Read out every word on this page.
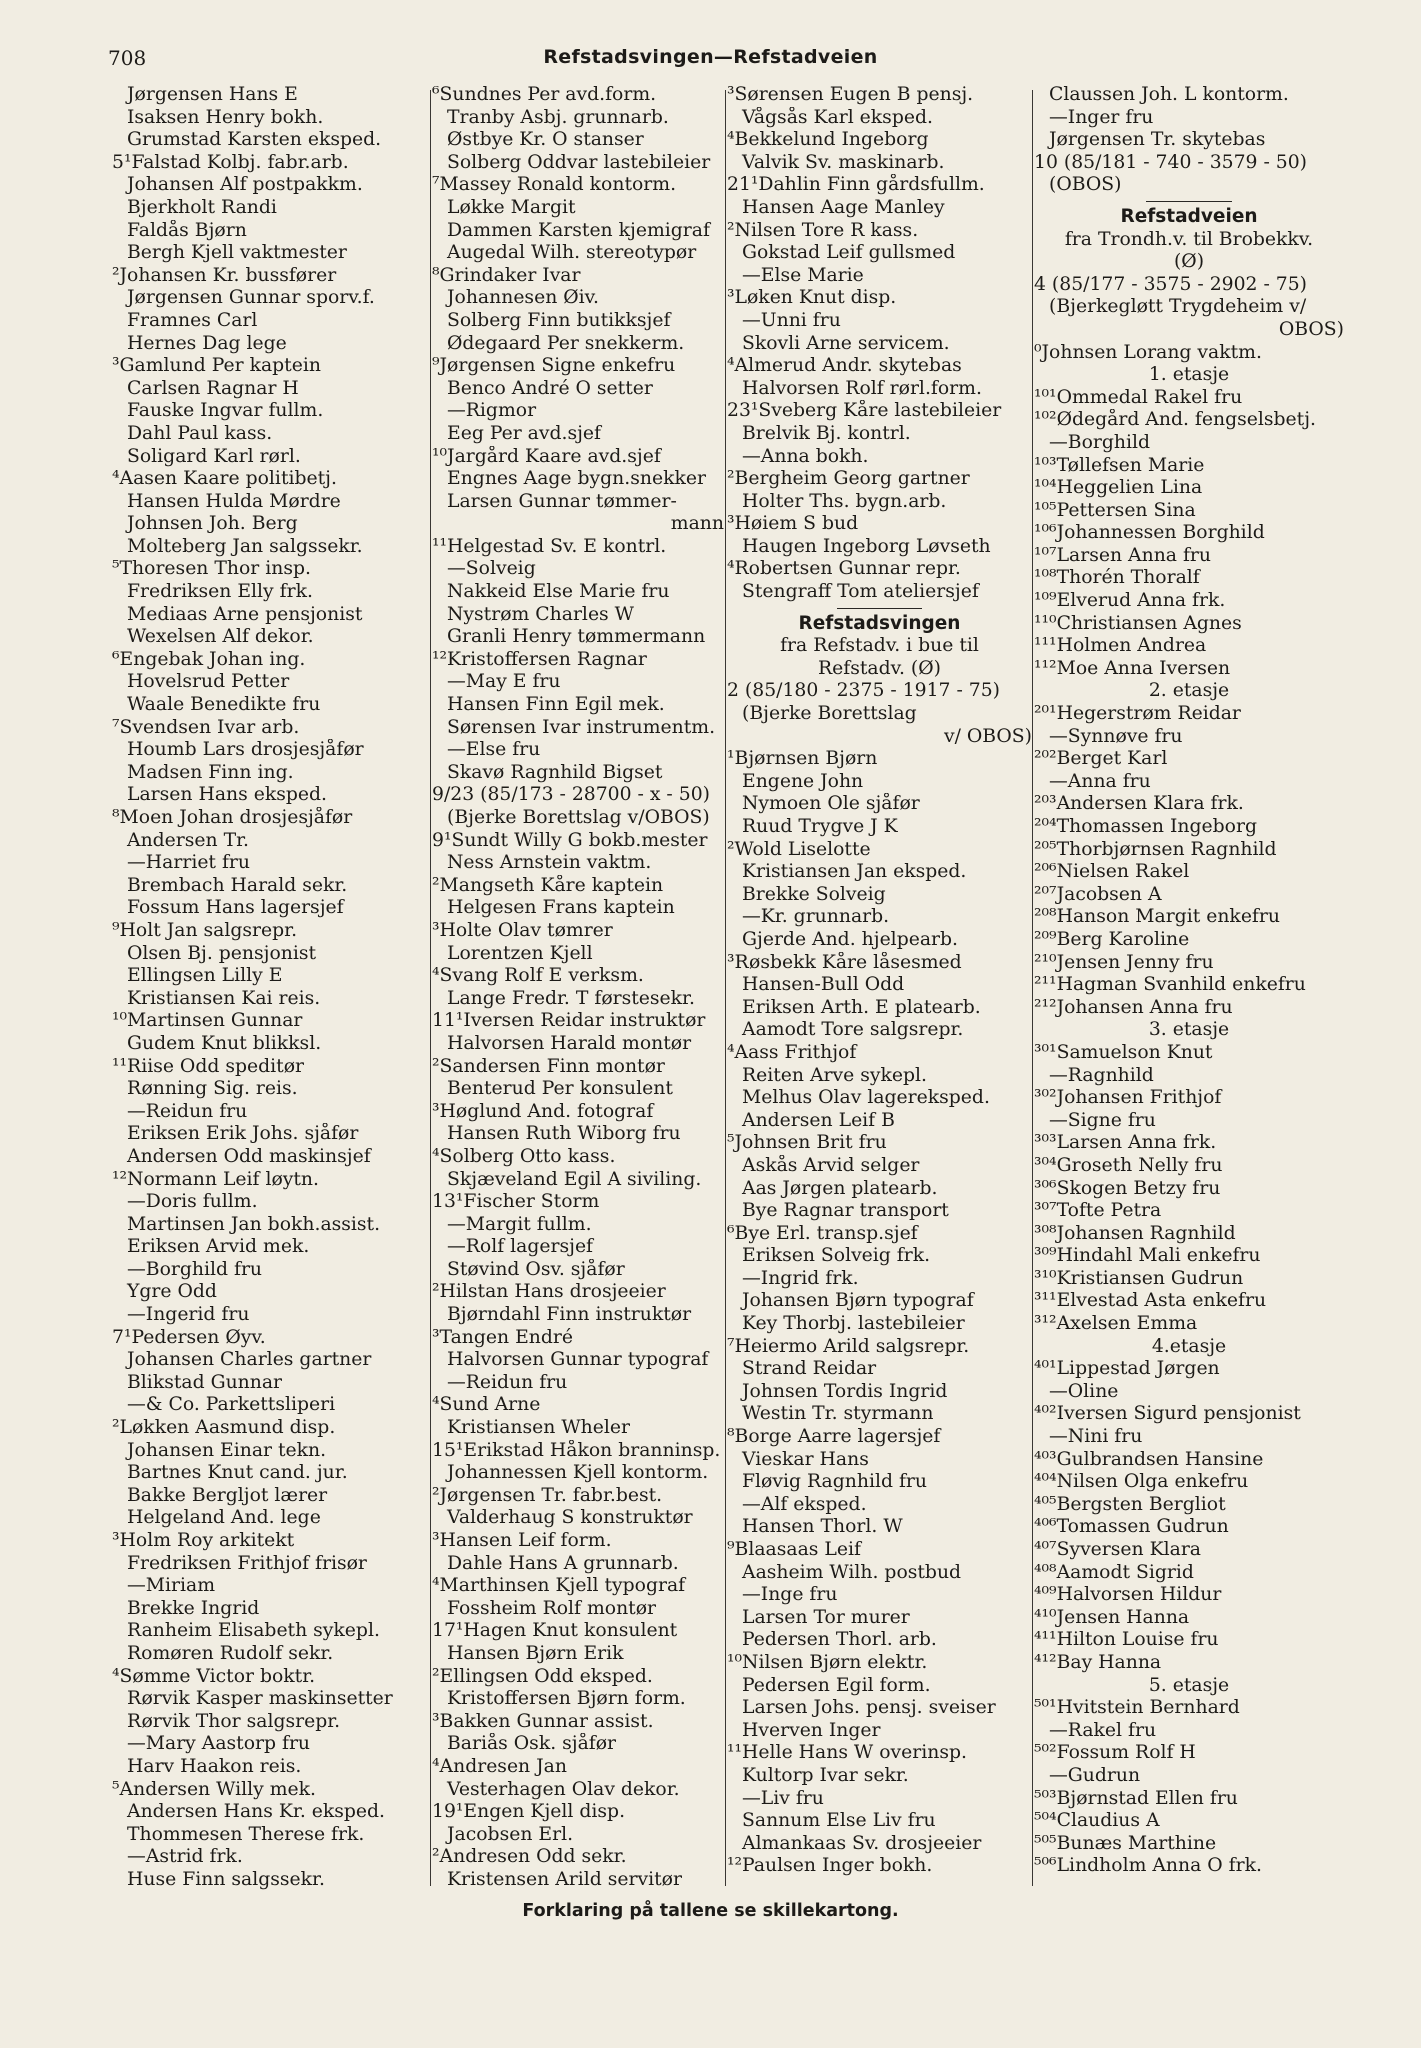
708	Refstadsvingen—Refstadveien
Jørgensen Hans E
Isaksen Henry bokh.
Grumstad Karsten eksped.
5¹Falstad Kolbj. fabr.arb.
Johansen Alf postpakkm.
Bjerkholt Randi
Faldås Bjørn
Bergh Kjell vaktmester
²Johansen Kr. bussfører
Jørgensen Gunnar sporv.f.
Framnes Carl
Hernes Dag lege
³Gamlund Per kaptein
Carlsen Ragnar H
Fauske Ingvar fullm.
Dahl Paul kass.
Soligard Karl rørl.
⁴Aasen Kaare politibetj.
Hansen Hulda Mørdre
Johnsen Joh. Berg
Molteberg Jan salgssekr.
⁵Thoresen Thor insp.
Fredriksen Elly frk.
Mediaas Arne pensjonist
Wexelsen Alf dekor.
⁶Engebak Johan ing.
Hovelsrud Petter
Waale Benedikte fru
⁷Svendsen Ivar arb.
Houmb Lars drosjesjåfør
Madsen Finn ing.
Larsen Hans eksped.
⁸Moen Johan drosjesjåfør
Andersen Tr.
—Harriet fru
Brembach Harald sekr.
Fossum Hans lagersjef
⁹Holt Jan salgsrepr.
Olsen Bj. pensjonist
Ellingsen Lilly E
Kristiansen Kai reis.
¹⁰Martinsen Gunnar
Gudem Knut blikksl.
¹¹Riise Odd speditør
Rønning Sig. reis.
—Reidun fru
Eriksen Erik Johs. sjåfør
Andersen Odd maskinsjef
¹²Normann Leif løytn.
—Doris fullm.
Martinsen Jan bokh.assist.
Eriksen Arvid mek.
—Borghild fru
Ygre Odd
—Ingerid fru
7¹Pedersen Øyv.
Johansen Charles gartner
Blikstad Gunnar
—& Co. Parkettsliperi
²Løkken Aasmund disp.
Johansen Einar tekn.
Bartnes Knut cand. jur.
Bakke Bergljot lærer
Helgeland And. lege
³Holm Roy arkitekt
Fredriksen Frithjof frisør
—Miriam
Brekke Ingrid
Ranheim Elisabeth sykepl.
Romøren Rudolf sekr.
⁴Sømme Victor boktr.
Rørvik Kasper maskinsetter
Rørvik Thor salgsrepr.
—Mary Aastorp fru
Harv Haakon reis.
⁵Andersen Willy mek.
Andersen Hans Kr. eksped.
Thommesen Therese frk.
—Astrid frk.
Huse Finn salgssekr.
⁶Sundnes Per avd.form.
Tranby Asbj. grunnarb.
Østbye Kr. O stanser
Solberg Oddvar lastebileier
⁷Massey Ronald kontorm.
Løkke Margit
Dammen Karsten kjemigraf
Augedal Wilh. stereotypør
⁸Grindaker Ivar
Johannesen Øiv.
Solberg Finn butikksjef
Ødegaard Per snekkerm.
⁹Jørgensen Signe enkefru
Benco André O setter
—Rigmor
Eeg Per avd.sjef
¹⁰Jargård Kaare avd.sjef
Engnes Aage bygn.snekker
Larsen Gunnar tømmer-
mann
¹¹Helgestad Sv. E kontrl.
—Solveig
Nakkeid Else Marie fru
Nystrøm Charles W
Granli Henry tømmermann
¹²Kristoffersen Ragnar
—May E fru
Hansen Finn Egil mek.
Sørensen Ivar instrumentm.
—Else fru
Skavø Ragnhild Bigset
9/23 (85/173 - 28700 - x - 50)
(Bjerke Borettslag v/OBOS)
9¹Sundt Willy G bokb.mester
Ness Arnstein vaktm.
²Mangseth Kåre kaptein
Helgesen Frans kaptein
³Holte Olav tømrer
Lorentzen Kjell
⁴Svang Rolf E verksm.
Lange Fredr. T førstesekr.
11¹Iversen Reidar instruktør
Halvorsen Harald montør
²Sandersen Finn montør
Benterud Per konsulent
³Høglund And. fotograf
Hansen Ruth Wiborg fru
⁴Solberg Otto kass.
Skjæveland Egil A siviling.
13¹Fischer Storm
—Margit fullm.
—Rolf lagersjef
Støvind Osv. sjåfør
²Hilstan Hans drosjeeier
Bjørndahl Finn instruktør
³Tangen Endré
Halvorsen Gunnar typograf
—Reidun fru
⁴Sund Arne
Kristiansen Wheler
15¹Erikstad Håkon branninsp.
Johannessen Kjell kontorm.
²Jørgensen Tr. fabr.best.
Valderhaug S konstruktør
³Hansen Leif form.
Dahle Hans A grunnarb.
⁴Marthinsen Kjell typograf
Fossheim Rolf montør
17¹Hagen Knut konsulent
Hansen Bjørn Erik
²Ellingsen Odd eksped.
Kristoffersen Bjørn form.
³Bakken Gunnar assist.
Bariås Osk. sjåfør
⁴Andresen Jan
Vesterhagen Olav dekor.
19¹Engen Kjell disp.
Jacobsen Erl.
²Andresen Odd sekr.
Kristensen Arild servitør
³Sørensen Eugen B pensj.
Vågsås Karl eksped.
⁴Bekkelund Ingeborg
Valvik Sv. maskinarb.
21¹Dahlin Finn gårdsfullm.
Hansen Aage Manley
²Nilsen Tore R kass.
Gokstad Leif gullsmed
—Else Marie
³Løken Knut disp.
—Unni fru
Skovli Arne servicem.
⁴Almerud Andr. skytebas
Halvorsen Rolf rørl.form.
23¹Sveberg Kåre lastebileier
Brelvik Bj. kontrl.
—Anna bokh.
²Bergheim Georg gartner
Holter Ths. bygn.arb.
³Høiem S bud
Haugen Ingeborg Løvseth
⁴Robertsen Gunnar repr.
Stengraff Tom ateliersjef
Refstadsvingen
fra Refstadv. i bue til
Refstadv. (Ø)
2 (85/180 - 2375 - 1917 - 75)
(Bjerke Borettslag
v/ OBOS)
¹Bjørnsen Bjørn
Engene John
Nymoen Ole sjåfør
Ruud Trygve J K
²Wold Liselotte
Kristiansen Jan eksped.
Brekke Solveig
—Kr. grunnarb.
Gjerde And. hjelpearb.
³Røsbekk Kåre låsesmed
Hansen-Bull Odd
Eriksen Arth. E platearb.
Aamodt Tore salgsrepr.
⁴Aass Frithjof
Reiten Arve sykepl.
Melhus Olav lagereksped.
Andersen Leif B
⁵Johnsen Brit fru
Askås Arvid selger
Aas Jørgen platearb.
Bye Ragnar transport
⁶Bye Erl. transp.sjef
Eriksen Solveig frk.
—Ingrid frk.
Johansen Bjørn typograf
Key Thorbj. lastebileier
⁷Heiermo Arild salgsrepr.
Strand Reidar
Johnsen Tordis Ingrid
Westin Tr. styrmann
⁸Borge Aarre lagersjef
Vieskar Hans
Fløvig Ragnhild fru
—Alf eksped.
Hansen Thorl. W
⁹Blaasaas Leif
Aasheim Wilh. postbud
—Inge fru
Larsen Tor murer
Pedersen Thorl. arb.
¹⁰Nilsen Bjørn elektr.
Pedersen Egil form.
Larsen Johs. pensj. sveiser
Hverven Inger
¹¹Helle Hans W overinsp.
Kultorp Ivar sekr.
—Liv fru
Sannum Else Liv fru
Almankaas Sv. drosjeeier
¹²Paulsen Inger bokh.
Claussen Joh. L kontorm.
—Inger fru
Jørgensen Tr. skytebas
10 (85/181 - 740 - 3579 - 50)
(OBOS)
Refstadveien
fra Trondh.v. til Brobekkv.
(Ø)
4 (85/177 - 3575 - 2902 - 75)
(Bjerkegløtt Trygdeheim v/
OBOS)
⁰Johnsen Lorang vaktm.
1. etasje
¹⁰¹Ommedal Rakel fru
¹⁰²Ødegård And. fengselsbetj.
—Borghild
¹⁰³Tøllefsen Marie
¹⁰⁴Heggelien Lina
¹⁰⁵Pettersen Sina
¹⁰⁶Johannessen Borghild
¹⁰⁷Larsen Anna fru
¹⁰⁸Thorén Thoralf
¹⁰⁹Elverud Anna frk.
¹¹⁰Christiansen Agnes
¹¹¹Holmen Andrea
¹¹²Moe Anna Iversen
2. etasje
²⁰¹Hegerstrøm Reidar
—Synnøve fru
²⁰²Berget Karl
—Anna fru
²⁰³Andersen Klara frk.
²⁰⁴Thomassen Ingeborg
²⁰⁵Thorbjørnsen Ragnhild
²⁰⁶Nielsen Rakel
²⁰⁷Jacobsen A
²⁰⁸Hanson Margit enkefru
²⁰⁹Berg Karoline
²¹⁰Jensen Jenny fru
²¹¹Hagman Svanhild enkefru
²¹²Johansen Anna fru
3. etasje
³⁰¹Samuelson Knut
—Ragnhild
³⁰²Johansen Frithjof
—Signe fru
³⁰³Larsen Anna frk.
³⁰⁴Groseth Nelly fru
³⁰⁶Skogen Betzy fru
³⁰⁷Tofte Petra
³⁰⁸Johansen Ragnhild
³⁰⁹Hindahl Mali enkefru
³¹⁰Kristiansen Gudrun
³¹¹Elvestad Asta enkefru
³¹²Axelsen Emma
4.etasje
⁴⁰¹Lippestad Jørgen
—Oline
⁴⁰²Iversen Sigurd pensjonist
—Nini fru
⁴⁰³Gulbrandsen Hansine
⁴⁰⁴Nilsen Olga enkefru
⁴⁰⁵Bergsten Bergliot
⁴⁰⁶Tomassen Gudrun
⁴⁰⁷Syversen Klara
⁴⁰⁸Aamodt Sigrid
⁴⁰⁹Halvorsen Hildur
⁴¹⁰Jensen Hanna
⁴¹¹Hilton Louise fru
⁴¹²Bay Hanna
5. etasje
⁵⁰¹Hvitstein Bernhard
—Rakel fru
⁵⁰²Fossum Rolf H
—Gudrun
⁵⁰³Bjørnstad Ellen fru
⁵⁰⁴Claudius A
⁵⁰⁵Bunæs Marthine
⁵⁰⁶Lindholm Anna O frk.
Forklaring på tallene se skillekartong.
